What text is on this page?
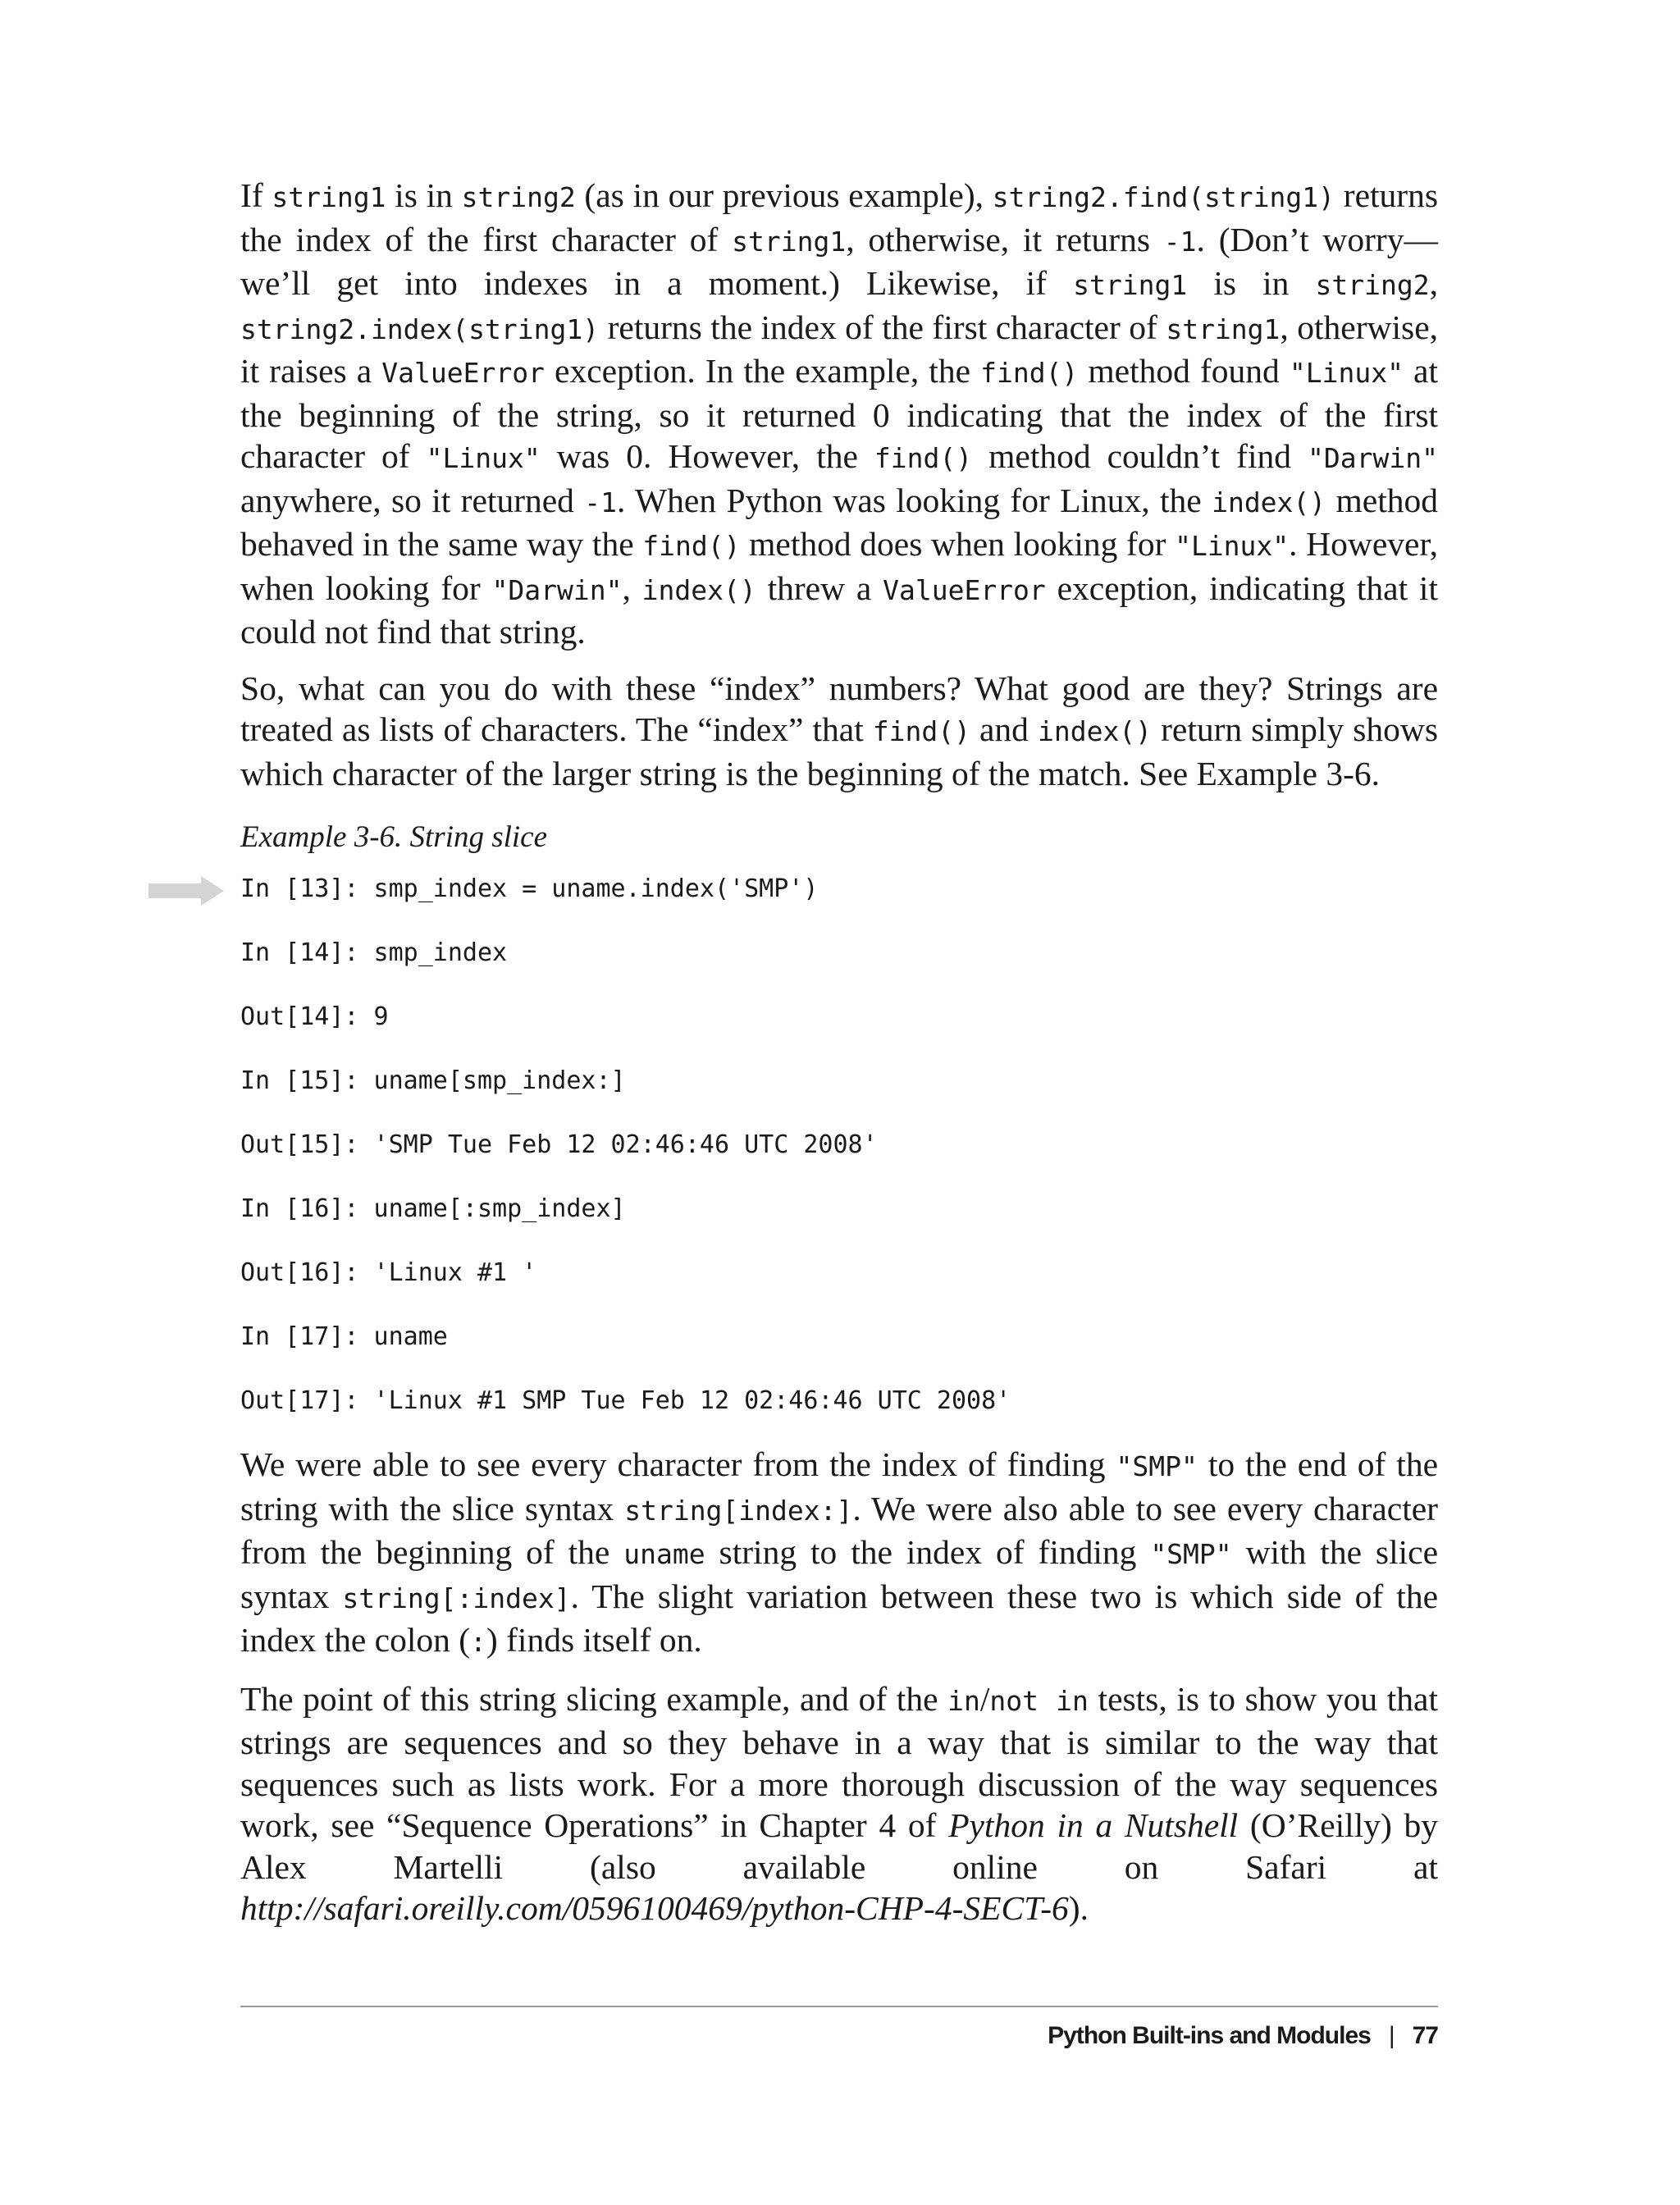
If string1 is in string2 (as in our previous example), string2.find(string1) returns the index of the first character of string1, otherwise, it returns -1. (Don’t worry—we’ll get into indexes in a moment.) Likewise, if string1 is in string2, string2.index(string1) returns the index of the first character of string1, otherwise, it raises a ValueError exception. In the example, the find() method found "Linux" at the beginning of the string, so it returned 0 indicating that the index of the first character of "Linux" was 0. However, the find() method couldn’t find "Darwin" anywhere, so it returned -1. When Python was looking for Linux, the index() method behaved in the same way the find() method does when looking for "Linux". However, when looking for "Darwin", index() threw a ValueError exception, indicating that it could not find that string.

So, what can you do with these “index” numbers? What good are they? Strings are treated as lists of characters. The “index” that find() and index() return simply shows which character of the larger string is the beginning of the match. See Example 3-6.

Example 3-6. String slice
In [13]: smp_index = uname.index('SMP')
In [14]: smp_index
Out[14]: 9
In [15]: uname[smp_index:]
Out[15]: 'SMP Tue Feb 12 02:46:46 UTC 2008'
In [16]: uname[:smp_index]
Out[16]: 'Linux #1 '
In [17]: uname
Out[17]: 'Linux #1 SMP Tue Feb 12 02:46:46 UTC 2008'

We were able to see every character from the index of finding "SMP" to the end of the string with the slice syntax string[index:]. We were also able to see every character from the beginning of the uname string to the index of finding "SMP" with the slice syntax string[:index]. The slight variation between these two is which side of the index the colon (:) finds itself on.

The point of this string slicing example, and of the in/not in tests, is to show you that strings are sequences and so they behave in a way that is similar to the way that sequences such as lists work. For a more thorough discussion of the way sequences work, see “Sequence Operations” in Chapter 4 of Python in a Nutshell (O’Reilly) by Alex Martelli (also available online on Safari at http://safari.oreilly.com/0596100469/python-CHP-4-SECT-6).

Python Built-ins and Modules | 77
